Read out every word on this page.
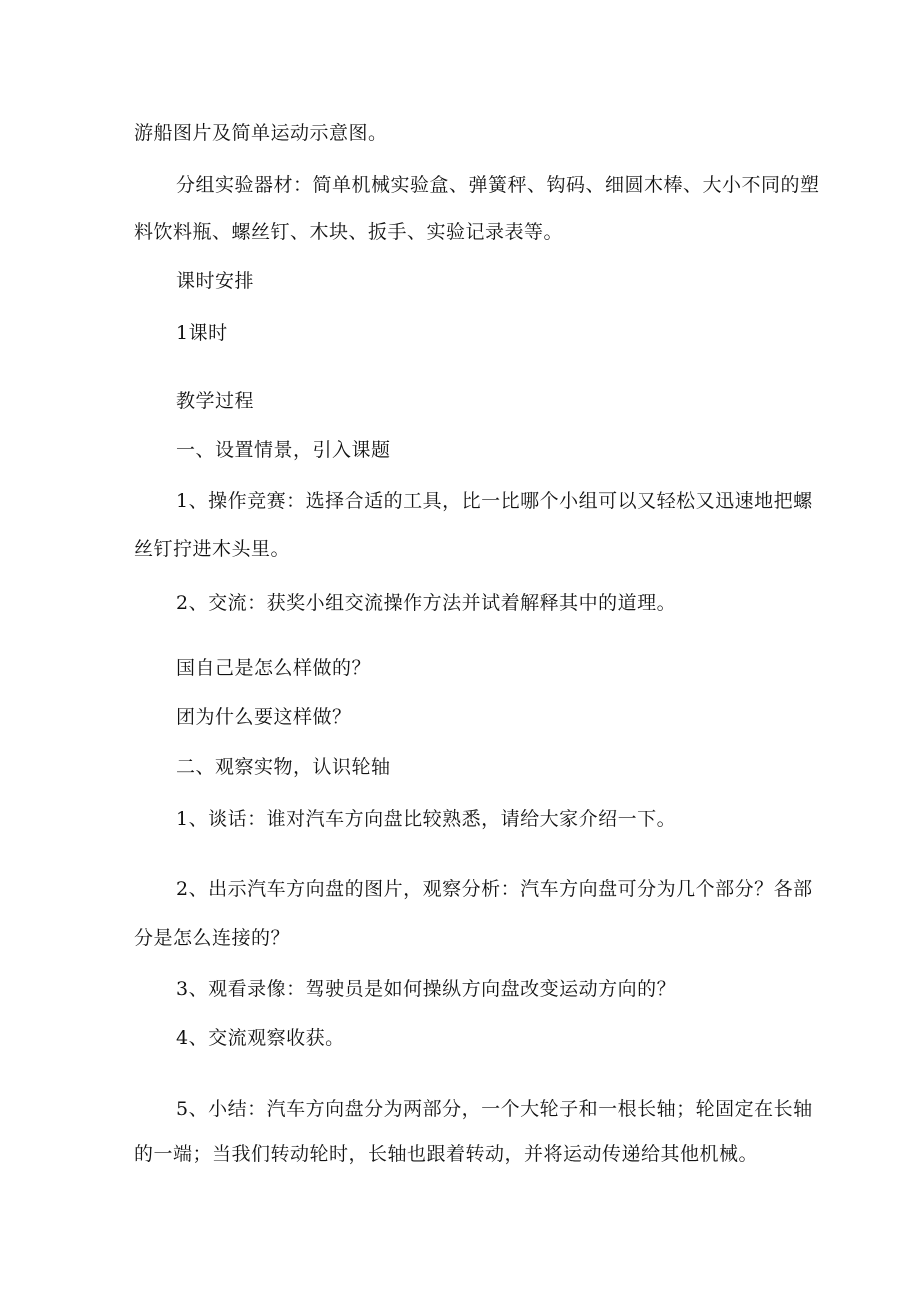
游船图片及简单运动示意图。

分组实验器材：简单机械实验盒、弹簧秤、钩码、细圆木棒、大小不同的塑

料饮料瓶、螺丝钉、木块、扳手、实验记录表等。

课时安排

1课时

教学过程

一、设置情景，引入课题

1、操作竞赛：选择合适的工具，比一比哪个小组可以又轻松又迅速地把螺

丝钉拧进木头里。

2、交流：获奖小组交流操作方法并试着解释其中的道理。

国自己是怎么样做的？

团为什么要这样做？

二、观察实物，认识轮轴

1、谈话：谁对汽车方向盘比较熟悉，请给大家介绍一下。

2、出示汽车方向盘的图片，观察分析：汽车方向盘可分为几个部分？各部

分是怎么连接的？

3、观看录像：驾驶员是如何操纵方向盘改变运动方向的？

4、交流观察收获。

5、小结：汽车方向盘分为两部分，一个大轮子和一根长轴；轮固定在长轴

的一端；当我们转动轮时，长轴也跟着转动，并将运动传递给其他机械。
